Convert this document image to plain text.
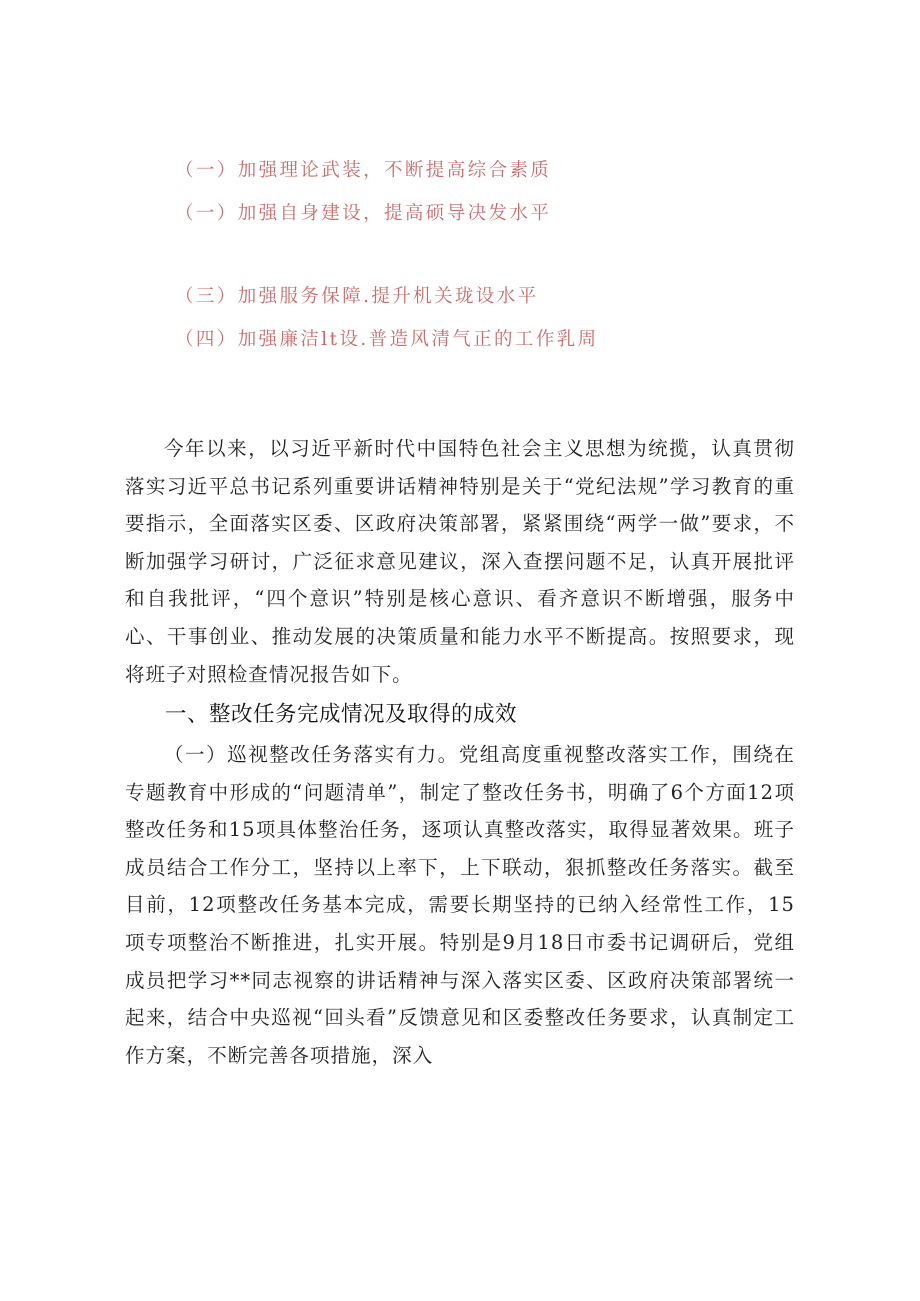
（一）加强理论武装，不断提高综合素质
（一）加强自身建设，提高硕导决发水平
（三）加强服务保障.提升机关珑设水平
（四）加强廉洁lt设.普造风清气正的工作乳周

今年以来，以习近平新时代中国特色社会主义思想为统揽，认真贯彻落实习近平总书记系列重要讲话精神特别是关于“党纪法规”学习教育的重要指示，全面落实区委、区政府决策部署，紧紧围绕“两学一做”要求，不断加强学习研讨，广泛征求意见建议，深入查摆问题不足，认真开展批评和自我批评，“四个意识”特别是核心意识、看齐意识不断增强，服务中心、干事创业、推动发展的决策质量和能力水平不断提高。按照要求，现将班子对照检查情况报告如下。

一、整改任务完成情况及取得的成效

（一）巡视整改任务落实有力。党组高度重视整改落实工作，围绕在专题教育中形成的“问题清单”，制定了整改任务书，明确了6个方面12项整改任务和15项具体整治任务，逐项认真整改落实，取得显著效果。班子成员结合工作分工，坚持以上率下，上下联动，狠抓整改任务落实。截至目前，12项整改任务基本完成，需要长期坚持的已纳入经常性工作，15项专项整治不断推进，扎实开展。特别是9月18日市委书记调研后，党组成员把学习**同志视察的讲话精神与深入落实区委、区政府决策部署统一起来，结合中央巡视“回头看”反馈意见和区委整改任务要求，认真制定工作方案，不断完善各项措施，深入
